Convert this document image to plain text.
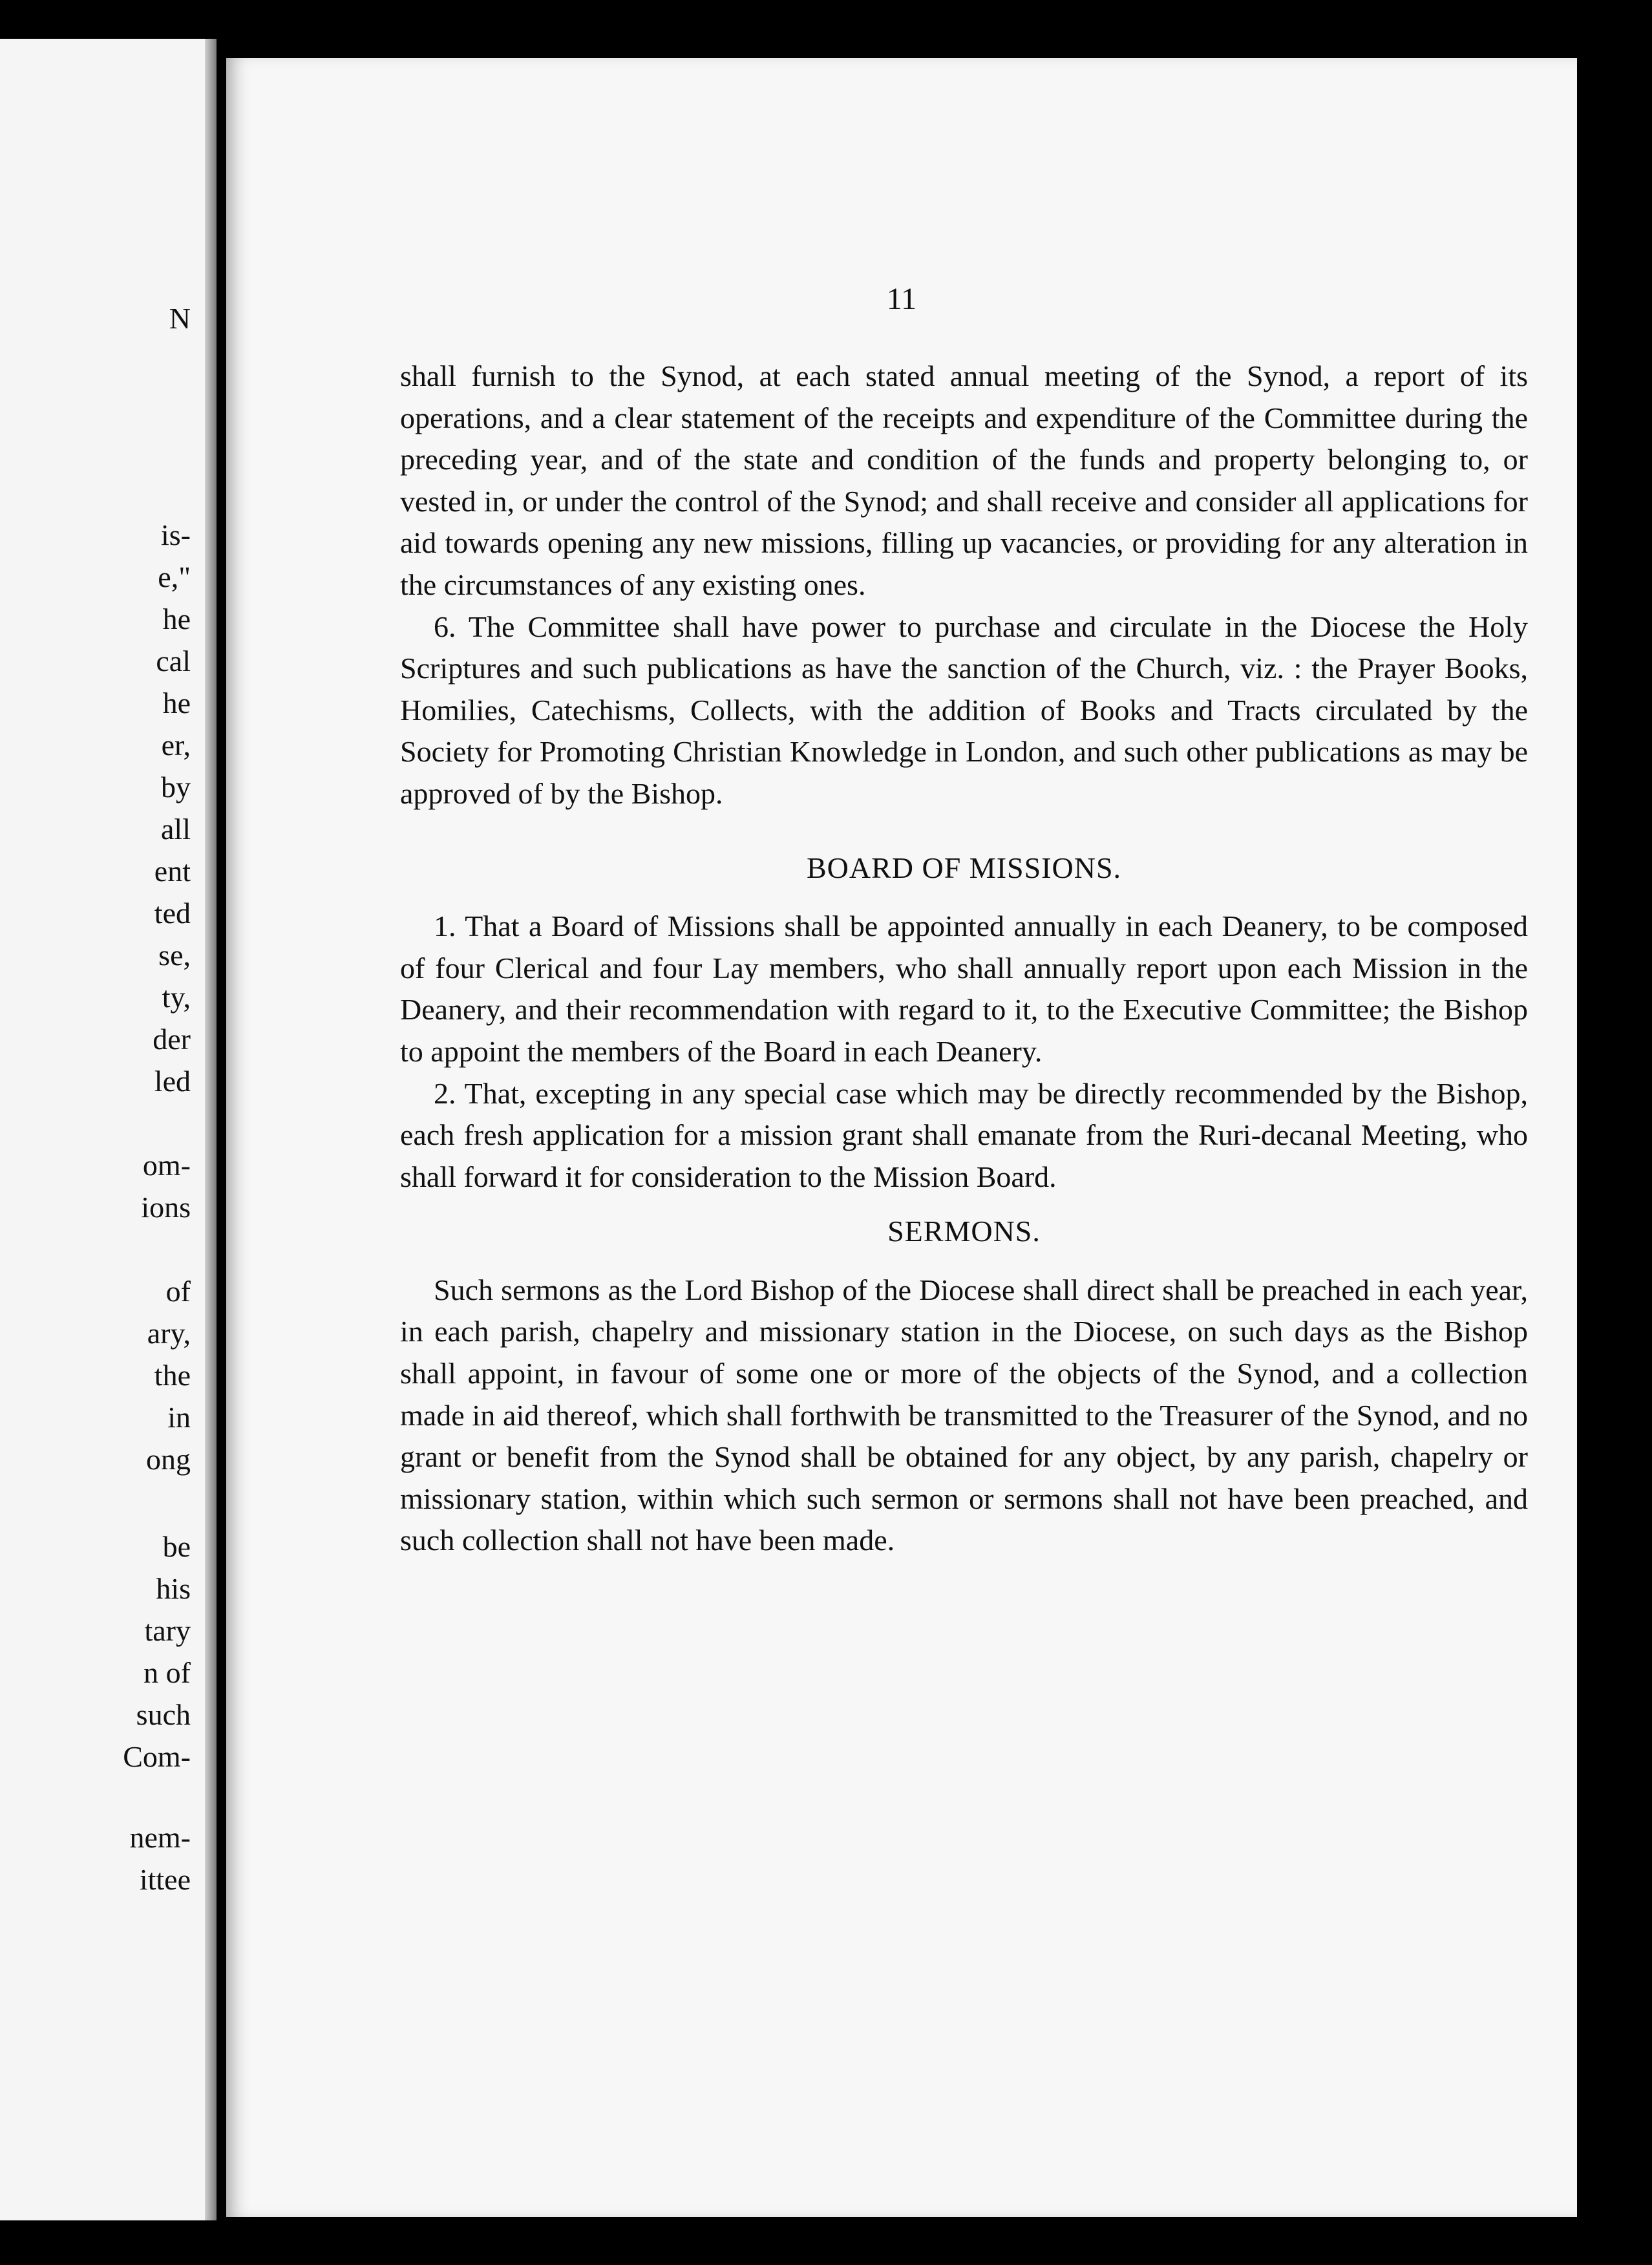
N
is-
e,"
he
cal
he
er,
by
all
ent
ted
se,
ty,
der
led
om-
ions
of
ary,
the
in
ong
be
his
tary
n of
such
Com-
nem-
ittee
11

shall furnish to the Synod, at each stated annual meeting of the Synod, a report of its operations, and a clear statement of the receipts and expenditure of the Committee during the preceding year, and of the state and condition of the funds and property belonging to, or vested in, or under the control of the Synod; and shall receive and consider all applications for aid towards opening any new missions, filling up vacancies, or providing for any alteration in the circumstances of any existing ones.

6. The Committee shall have power to purchase and circulate in the Diocese the Holy Scriptures and such publications as have the sanction of the Church, viz. : the Prayer Books, Homilies, Catechisms, Collects, with the addition of Books and Tracts circulated by the Society for Promoting Christian Knowledge in London, and such other publications as may be approved of by the Bishop.

BOARD OF MISSIONS.

1. That a Board of Missions shall be appointed annually in each Deanery, to be composed of four Clerical and four Lay members, who shall annually report upon each Mission in the Deanery, and their recommendation with regard to it, to the Executive Committee; the Bishop to appoint the members of the Board in each Deanery.

2. That, excepting in any special case which may be directly recommended by the Bishop, each fresh application for a mission grant shall emanate from the Ruri-decanal Meeting, who shall forward it for consideration to the Mission Board.

SERMONS.

Such sermons as the Lord Bishop of the Diocese shall direct shall be preached in each year, in each parish, chapelry and missionary station in the Diocese, on such days as the Bishop shall appoint, in favour of some one or more of the objects of the Synod, and a collection made in aid thereof, which shall forthwith be transmitted to the Treasurer of the Synod, and no grant or benefit from the Synod shall be obtained for any object, by any parish, chapelry or missionary station, within which such sermon or sermons shall not have been preached, and such collection shall not have been made.
